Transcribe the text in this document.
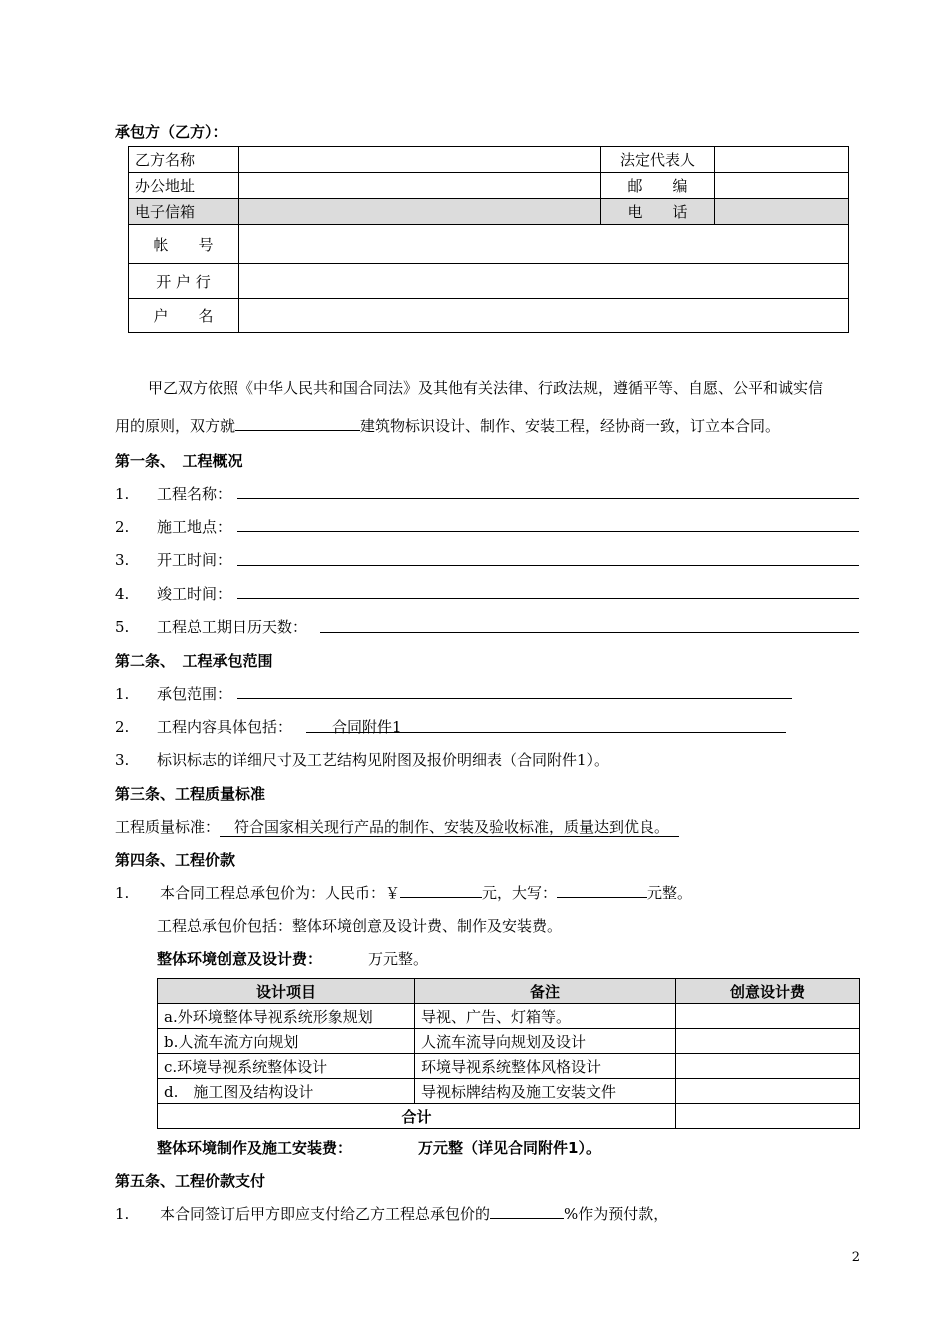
承包方（乙方）：
乙方名称		法定代表人	
办公地址		邮　　编	
电子信箱		电　　话	
帐　　号			
开 户 行			
户　　名			
甲乙双方依照《中华人民共和国合同法》及其他有关法律、行政法规，遵循平等、自愿、公平和诚实信
用的原则，双方就	建筑物标识设计、制作、安装工程，经协商一致，订立本合同。
第一条、　工程概况
1. 工程名称：
2. 施工地点：
3. 开工时间：
4. 竣工时间：
5. 工程总工期日历天数：
第二条、　工程承包范围
1. 承包范围：
2. 工程内容具体包括：	合同附件1
3. 标识标志的详细尺寸及工艺结构见附图及报价明细表（合同附件1）。
第三条、工程质量标准
工程质量标准： 符合国家相关现行产品的制作、安装及验收标准，质量达到优良。
第四条、工程价款
1. 本合同工程总承包价为：人民币：￥	元，大写：	元整。
工程总承包价包括：整体环境创意及设计费、制作及安装费。
整体环境创意及设计费：	万元整。
设计项目	备注	创意设计费
a.外环境整体导视系统形象规划	导视、广告、灯箱等。	
b.人流车流方向规划	人流车流导向规划及设计	
c.环境导视系统整体设计	环境导视系统整体风格设计	
d.　施工图及结构设计	导视标牌结构及施工安装文件	
合计		
整体环境制作及施工安装费：	万元整（详见合同附件1）。
第五条、工程价款支付
1. 本合同签订后甲方即应支付给乙方工程总承包价的	%作为预付款，
2
